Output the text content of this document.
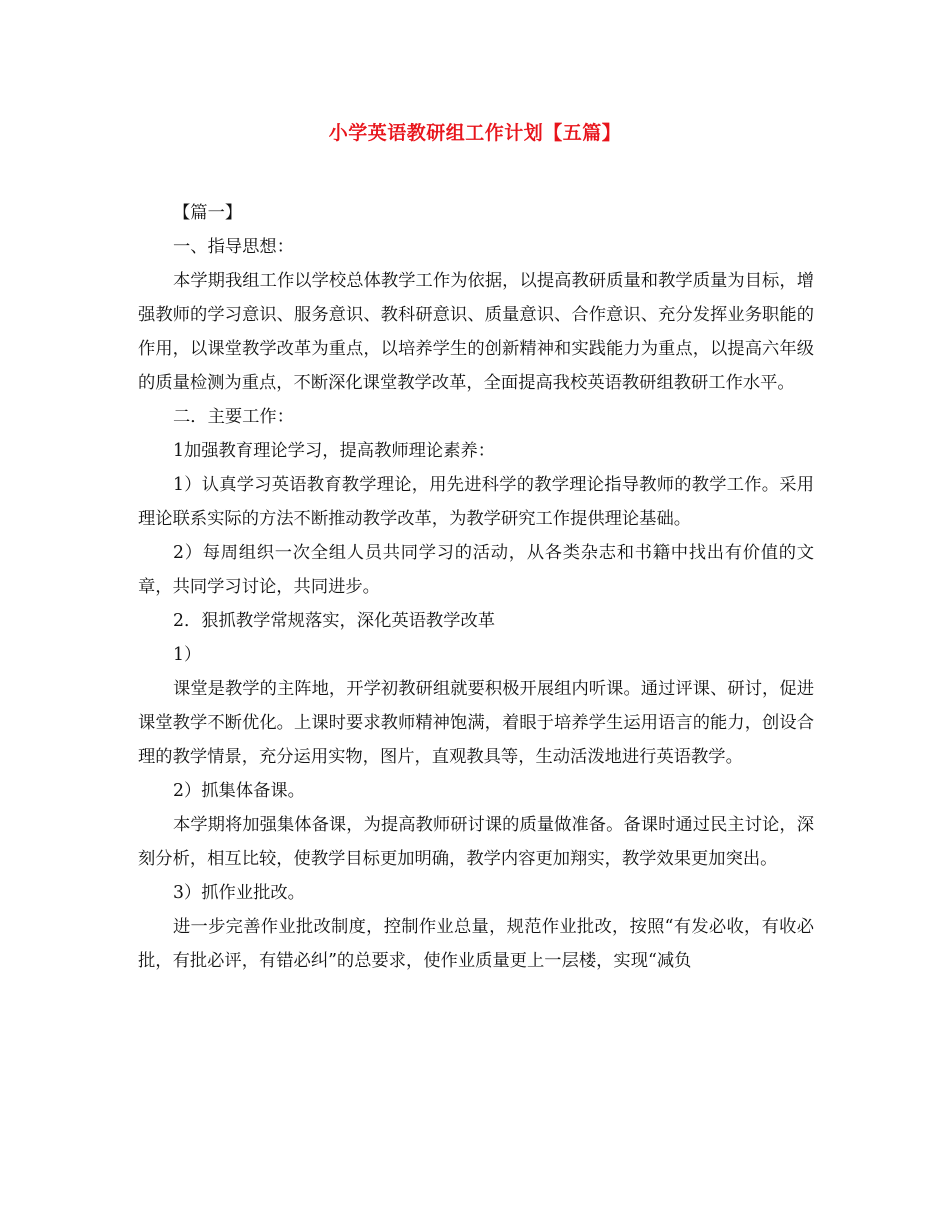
小学英语教研组工作计划【五篇】

【篇一】

一、指导思想：

本学期我组工作以学校总体教学工作为依据，以提高教研质量和教学质量为目标，增强教师的学习意识、服务意识、教科研意识、质量意识、合作意识、充分发挥业务职能的作用，以课堂教学改革为重点，以培养学生的创新精神和实践能力为重点，以提高六年级的质量检测为重点，不断深化课堂教学改革，全面提高我校英语教研组教研工作水平。

二．主要工作：

1加强教育理论学习，提高教师理论素养：

1）认真学习英语教育教学理论，用先进科学的教学理论指导教师的教学工作。采用理论联系实际的方法不断推动教学改革，为教学研究工作提供理论基础。

2）每周组织一次全组人员共同学习的活动，从各类杂志和书籍中找出有价值的文章，共同学习讨论，共同进步。

2．狠抓教学常规落实，深化英语教学改革

1）

课堂是教学的主阵地，开学初教研组就要积极开展组内听课。通过评课、研讨，促进课堂教学不断优化。上课时要求教师精神饱满，着眼于培养学生运用语言的能力，创设合理的教学情景，充分运用实物，图片，直观教具等，生动活泼地进行英语教学。

2）抓集体备课。

本学期将加强集体备课，为提高教师研讨课的质量做准备。备课时通过民主讨论，深刻分析，相互比较，使教学目标更加明确，教学内容更加翔实，教学效果更加突出。

3）抓作业批改。

进一步完善作业批改制度，控制作业总量，规范作业批改，按照“有发必收，有收必批，有批必评，有错必纠”的总要求，使作业质量更上一层楼，实现“减负
